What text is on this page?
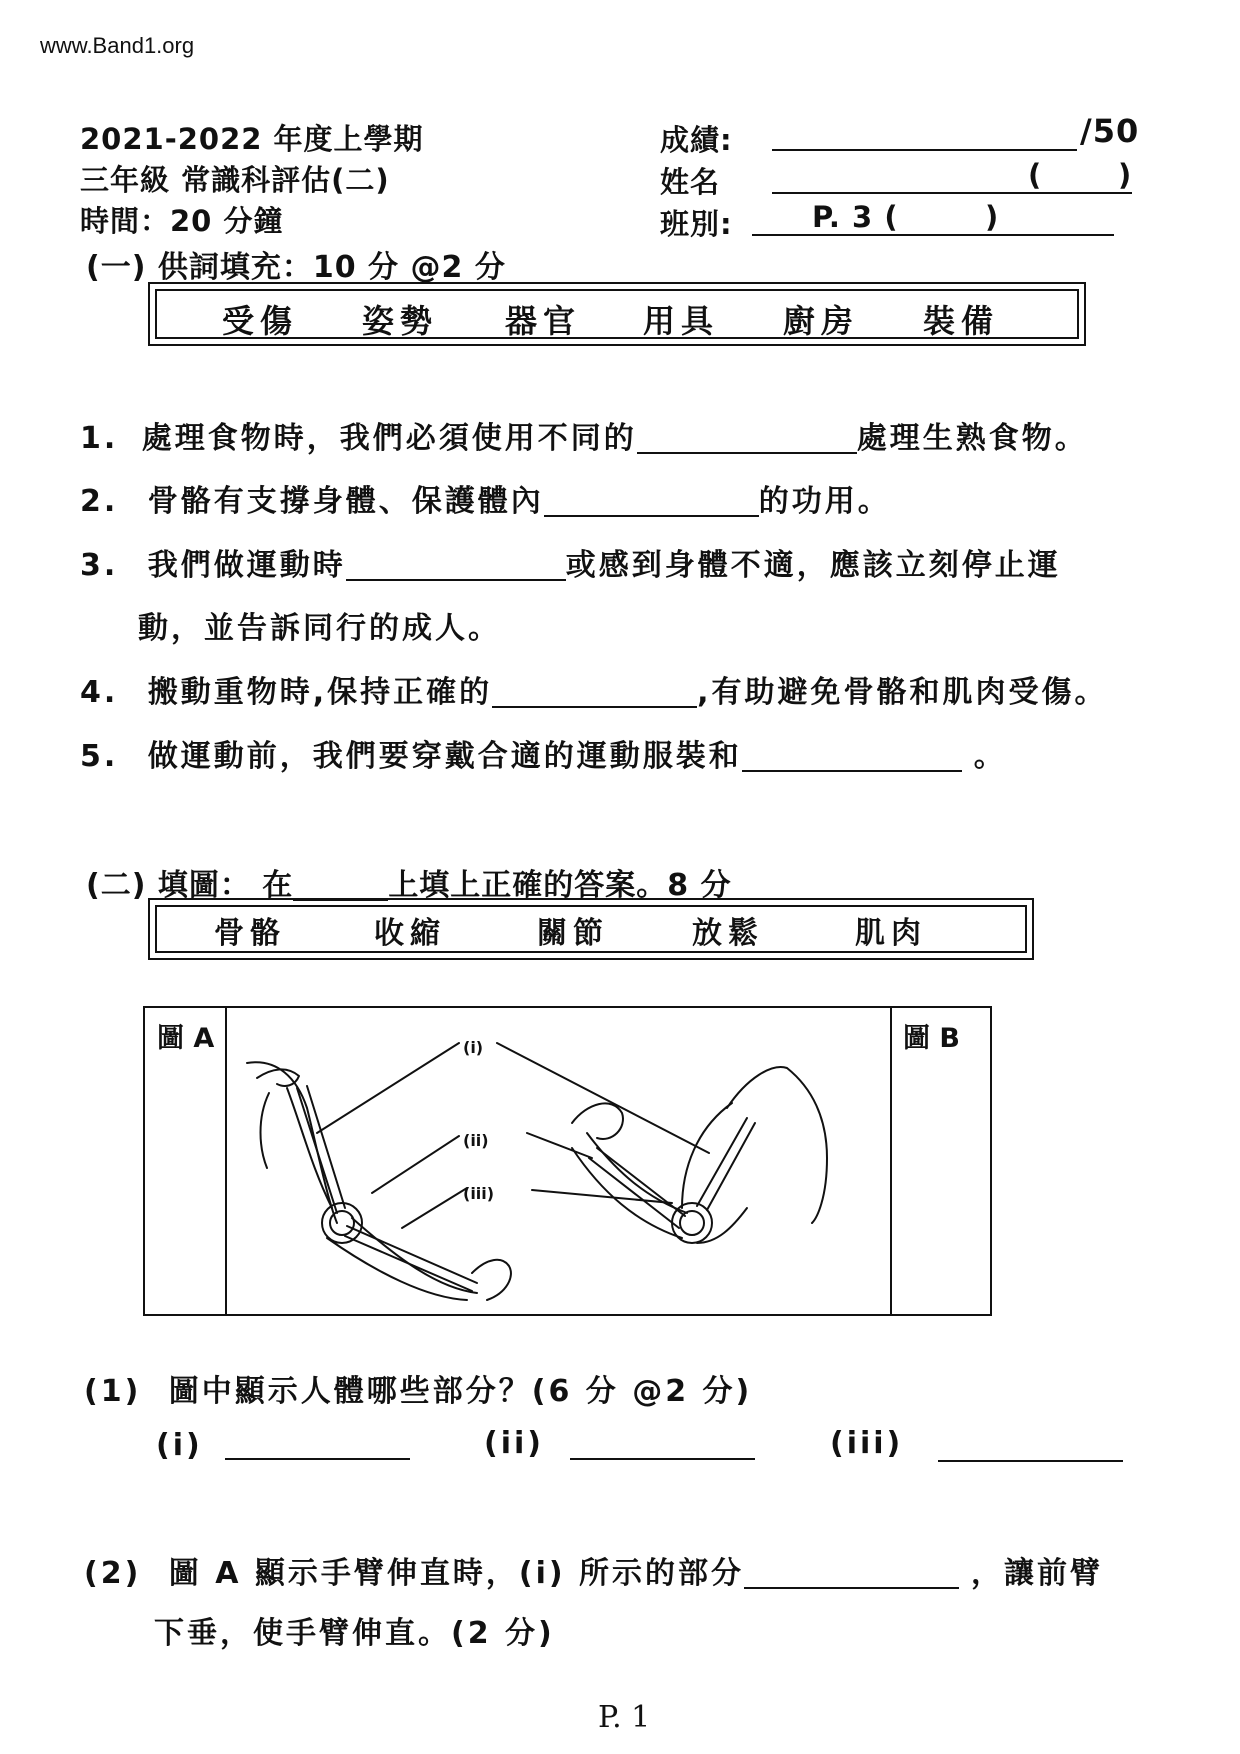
www.Band1.org
2021-2022 年度上學期
三年級 常識科評估(二)
時間：20 分鐘
成績:	/50
姓名	(	)
班別:	P. 3 (	)
(一) 供詞填充：10 分 @2 分
受傷 姿勢 器官 用具 廚房 裝備
1. 處理食物時，我們必須使用不同的	處理生熟食物。
2. 骨骼有支撐身體、保護體內	的功用。
3. 我們做運動時	或感到身體不適，應該立刻停止運
動，並告訴同行的成人。
4. 搬動重物時,保持正確的	,有助避免骨骼和肌肉受傷。
5. 做運動前，我們要穿戴合適的運動服裝和	。
(二) 填圖： 在	上填上正確的答案。8 分
骨骼	收縮	關節	放鬆	肌肉
圖 A	圖 B
(i)
(ii)
(iii)
(1) 圖中顯示人體哪些部分？(6 分 @2 分)
(i)	(ii)	(iii)
(2) 圖 A 顯示手臂伸直時，(i) 所示的部分	，讓前臂
下垂，使手臂伸直。(2 分)
P. 1
